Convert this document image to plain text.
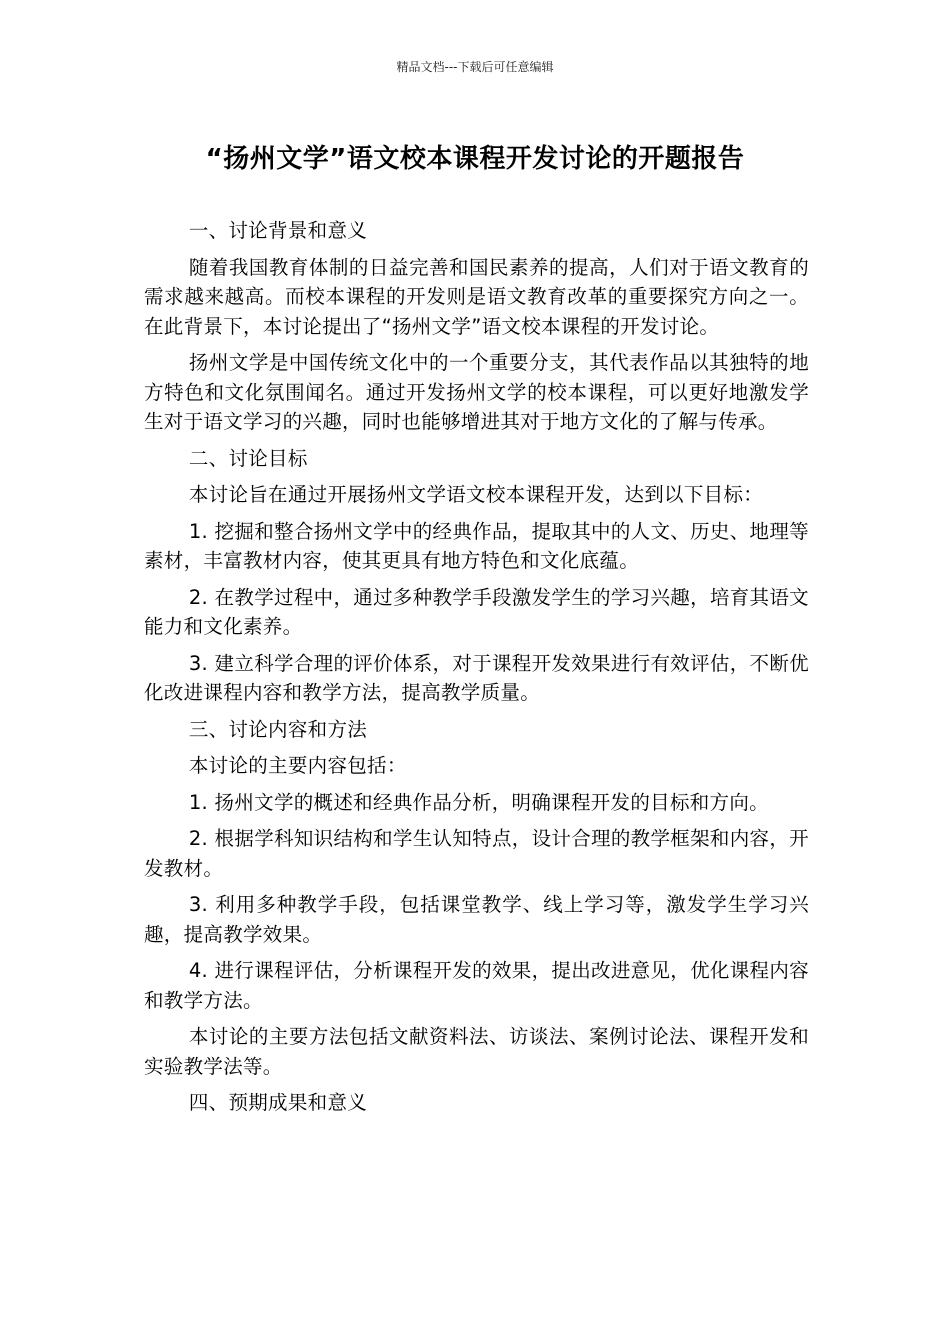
精品文档---下载后可任意编辑
“扬州文学”语文校本课程开发讨论的开题报告

一、讨论背景和意义

随着我国教育体制的日益完善和国民素养的提高，人们对于语文教育的需求越来越高。而校本课程的开发则是语文教育改革的重要探究方向之一。在此背景下，本讨论提出了“扬州文学”语文校本课程的开发讨论。

扬州文学是中国传统文化中的一个重要分支，其代表作品以其独特的地方特色和文化氛围闻名。通过开发扬州文学的校本课程，可以更好地激发学生对于语文学习的兴趣，同时也能够增进其对于地方文化的了解与传承。

二、讨论目标

本讨论旨在通过开展扬州文学语文校本课程开发，达到以下目标：

1. 挖掘和整合扬州文学中的经典作品，提取其中的人文、历史、地理等素材，丰富教材内容，使其更具有地方特色和文化底蕴。

2. 在教学过程中，通过多种教学手段激发学生的学习兴趣，培育其语文能力和文化素养。

3. 建立科学合理的评价体系，对于课程开发效果进行有效评估，不断优化改进课程内容和教学方法，提高教学质量。

三、讨论内容和方法

本讨论的主要内容包括：

1. 扬州文学的概述和经典作品分析，明确课程开发的目标和方向。

2. 根据学科知识结构和学生认知特点，设计合理的教学框架和内容，开发教材。

3. 利用多种教学手段，包括课堂教学、线上学习等，激发学生学习兴趣，提高教学效果。

4. 进行课程评估，分析课程开发的效果，提出改进意见，优化课程内容和教学方法。

本讨论的主要方法包括文献资料法、访谈法、案例讨论法、课程开发和实验教学法等。

四、预期成果和意义
